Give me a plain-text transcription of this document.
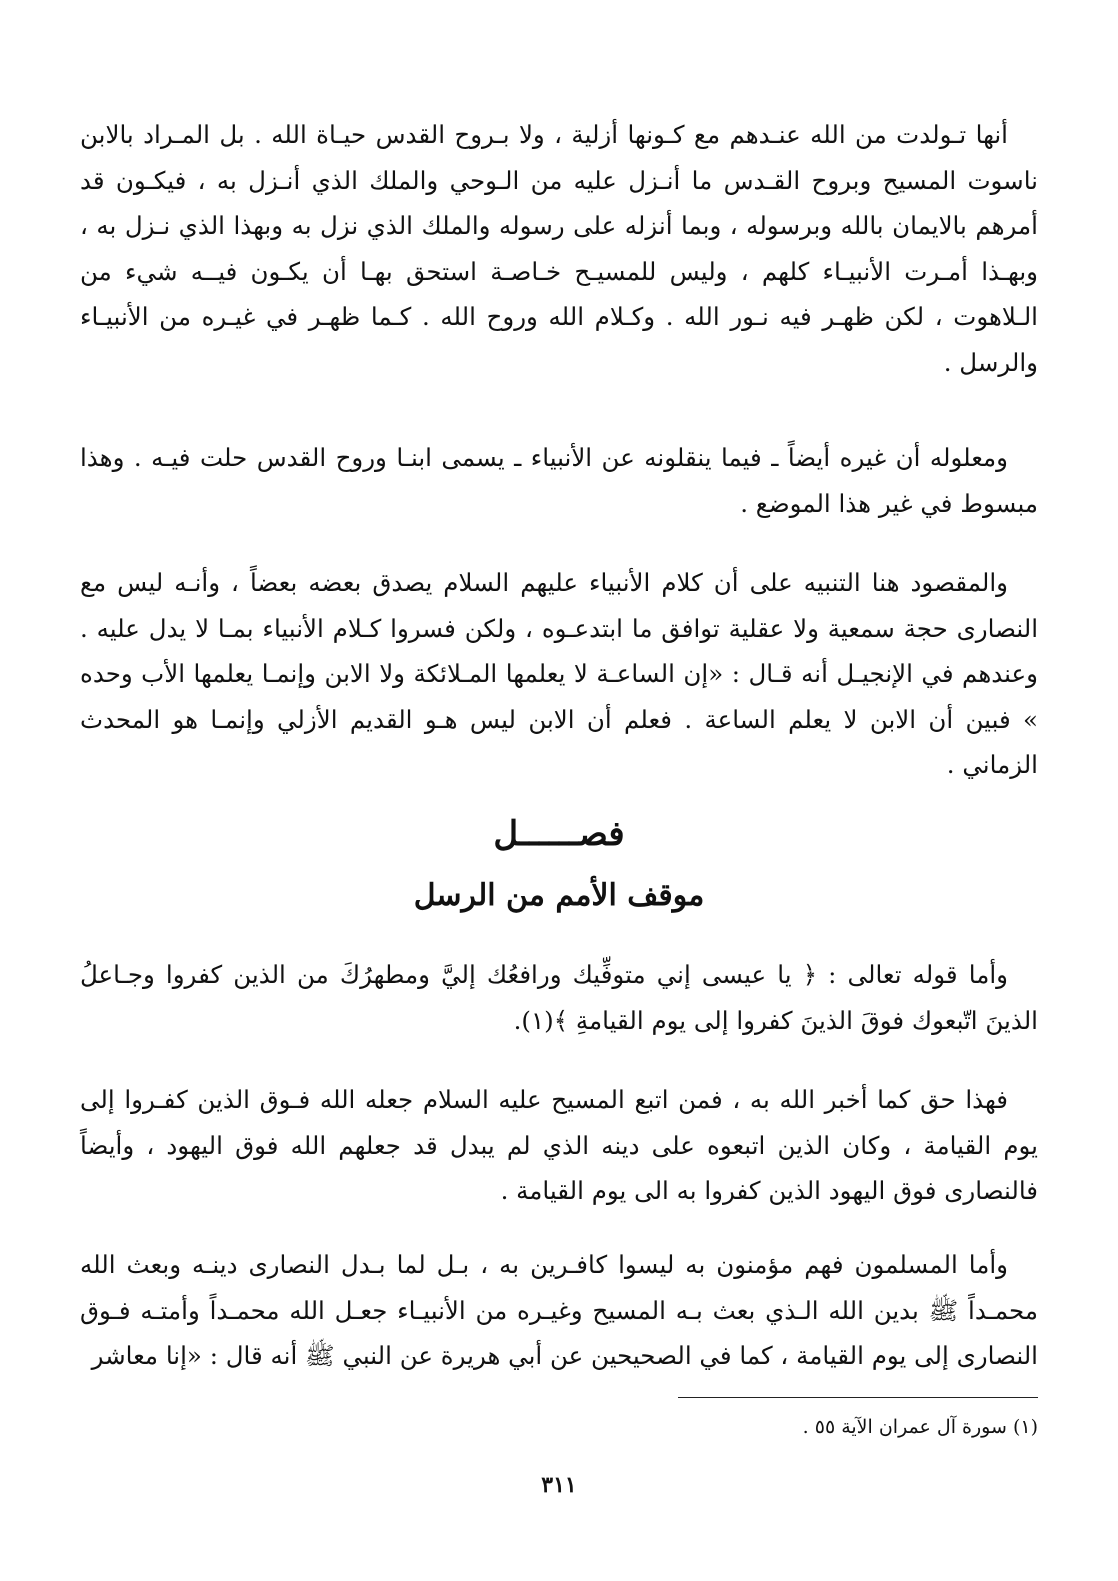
أنها تـولدت من الله عنـدهم مع كـونها أزلية ، ولا بـروح القدس حيـاة الله . بل المـراد بالابن ناسوت المسيح وبروح القـدس ما أنـزل عليه من الـوحي والملك الذي أنـزل به ، فيكـون قد أمرهم بالايمان بالله وبرسوله ، وبما أنزله على رسوله والملك الذي نزل به وبهذا الذي نـزل به ، وبهـذا أمـرت الأنبيـاء كلهم ، وليس للمسيـح خـاصـة استحق بهـا أن يكـون فيــه شيء من الـلاهوت ، لكن ظهـر فيه نـور الله . وكـلام الله وروح الله . كـما ظهـر في غيـره من الأنبيـاء والرسل .

ومعلوله أن غيره أيضاً ـ فيما ينقلونه عن الأنبياء ـ يسمى ابنـا وروح القدس حلت فيـه . وهذا مبسوط في غير هذا الموضع .

والمقصود هنا التنبيه على أن كلام الأنبياء عليهم السلام يصدق بعضه بعضاً ، وأنـه ليس مع النصارى حجة سمعية ولا عقلية توافق ما ابتدعـوه ، ولكن فسروا كـلام الأنبياء بمـا لا يدل عليه . وعندهم في الإنجيـل أنه قـال : «إن الساعـة لا يعلمها المـلائكة ولا الابن وإنمـا يعلمها الأب وحده » فبين أن الابن لا يعلم الساعة . فعلم أن الابن ليس هـو القديم الأزلي وإنمـا هو المحدث الزماني .

فصــــــل
موقف الأمم من الرسل

وأما قوله تعالى : ﴿ يا عيسى إني متوفِّيك ورافعُك إليَّ ومطهرُكَ من الذين كفروا وجـاعلُ الذينَ اتّبعوك فوقَ الذينَ كفروا إلى يوم القيامةِ ﴾(١).

فهذا حق كما أخبر الله به ، فمن اتبع المسيح عليه السلام جعله الله فـوق الذين كفـروا إلى يوم القيامة ، وكان الذين اتبعوه على دينه الذي لم يبدل قد جعلهم الله فوق اليهود ، وأيضاً فالنصارى فوق اليهود الذين كفروا به الى يوم القيامة .

وأما المسلمون فهم مؤمنون به ليسوا كافـرين به ، بـل لما بـدل النصارى دينـه وبعث الله محمـداً ﷺ بدين الله الـذي بعث بـه المسيح وغيـره من الأنبيـاء جعـل الله محمـداً وأمتـه فـوق النصارى إلى يوم القيامة ، كما في الصحيحين عن أبي هريرة عن النبي ﷺ أنه قال : «إنا معاشر

(١) سورة آل عمران الآية ٥٥ .

٣١١
